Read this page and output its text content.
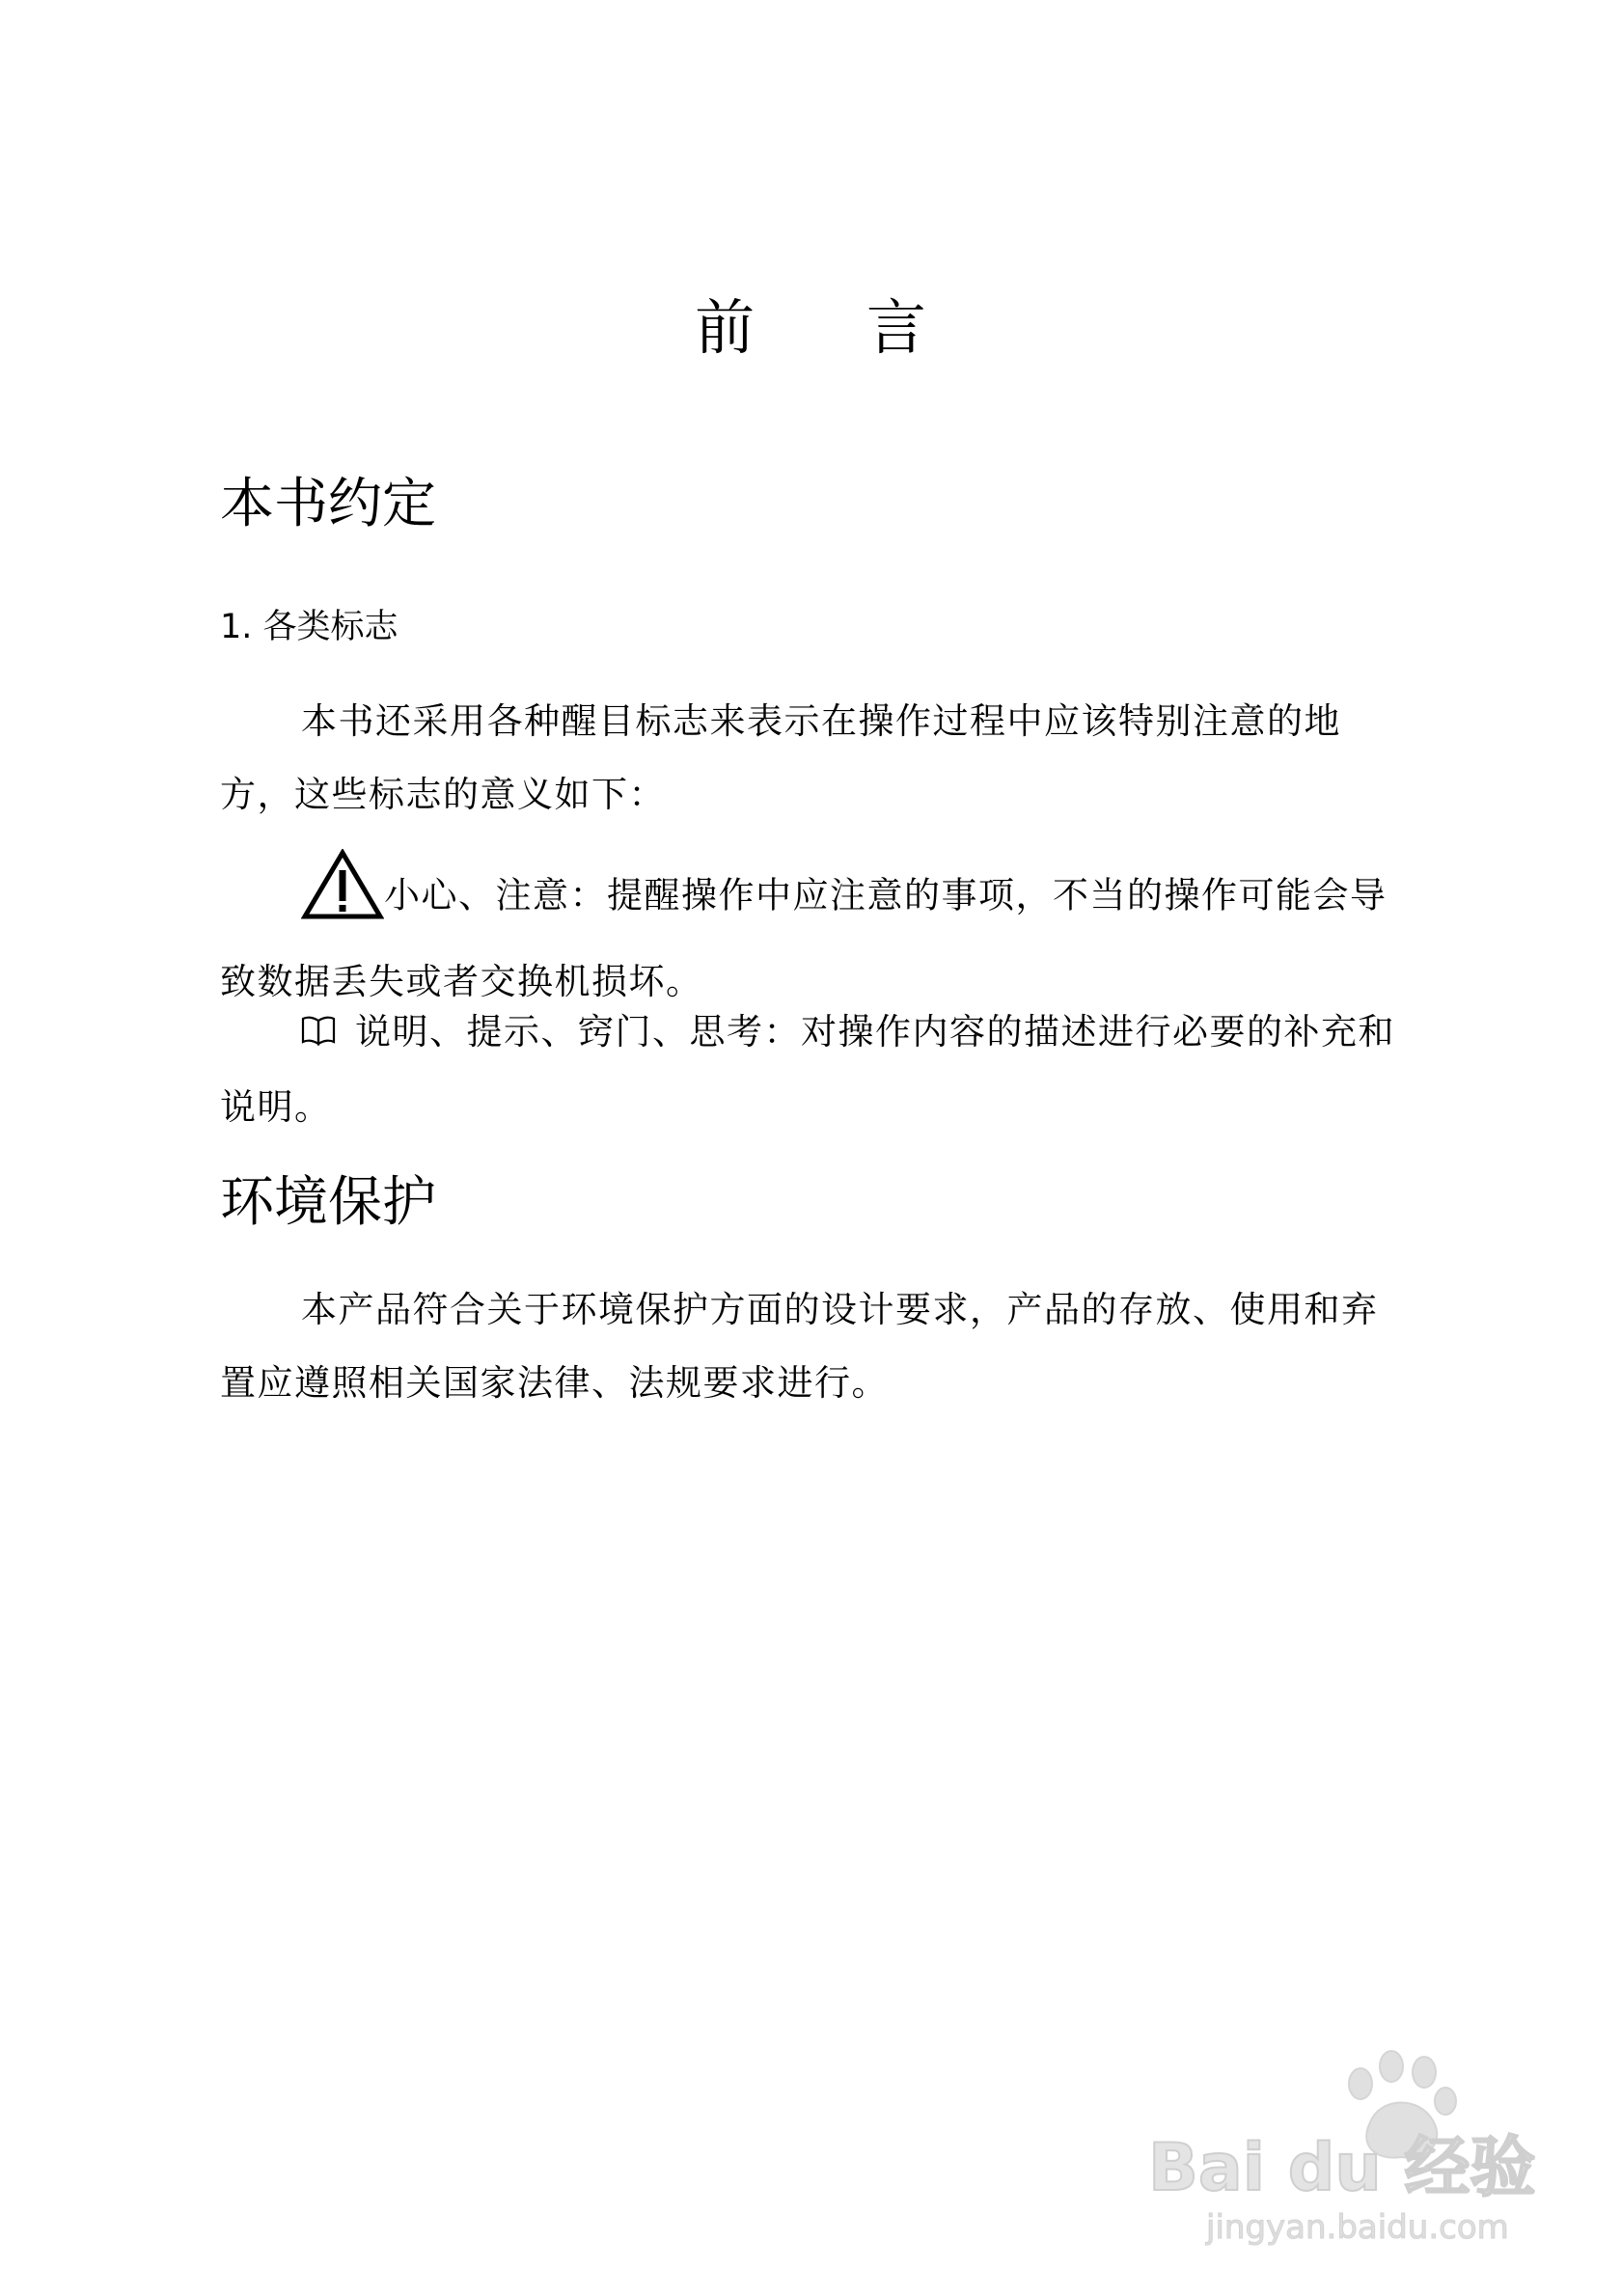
前 言
本书约定
1. 各类标志

本书还采用各种醒目标志来表示在操作过程中应该特别注意的地方，这些标志的意义如下：

小心、注意：提醒操作中应注意的事项，不当的操作可能会导致数据丢失或者交换机损坏。
说明、提示、窍门、思考：对操作内容的描述进行必要的补充和说明。
环境保护

本产品符合关于环境保护方面的设计要求，产品的存放、使用和弃置应遵照相关国家法律、法规要求进行。

Bai du 经验
jingyan.baidu.com
